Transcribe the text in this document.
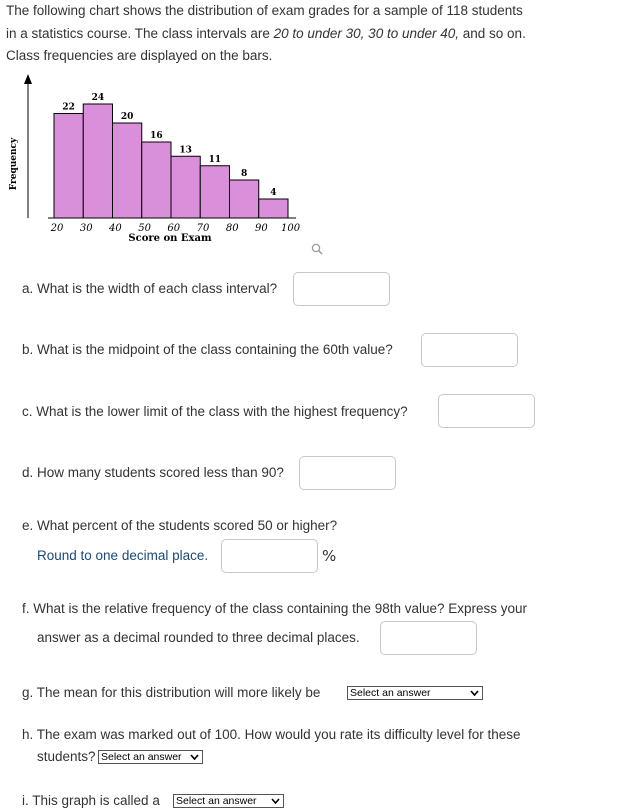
The following chart shows the distribution of exam grades for a sample of 118 students
in a statistics course. The class intervals are 20 to under 30, 30 to under 40, and so on.
Class frequencies are displayed on the bars.
22
24
20
16
13
11
8
4
20 30 40 50 60 70 80 90 100
Score on Exam
Frequency
a. What is the width of each class interval?
b. What is the midpoint of the class containing the 60th value?
c. What is the lower limit of the class with the highest frequency?
d. How many students scored less than 90?
e. What percent of the students scored 50 or higher?
Round to one decimal place.	%
f. What is the relative frequency of the class containing the 98th value? Express your
answer as a decimal rounded to three decimal places.
g. The mean for this distribution will more likely be	Select an answer
h. The exam was marked out of 100. How would you rate its difficulty level for these
students? Select an answer
i. This graph is called a Select an answer
